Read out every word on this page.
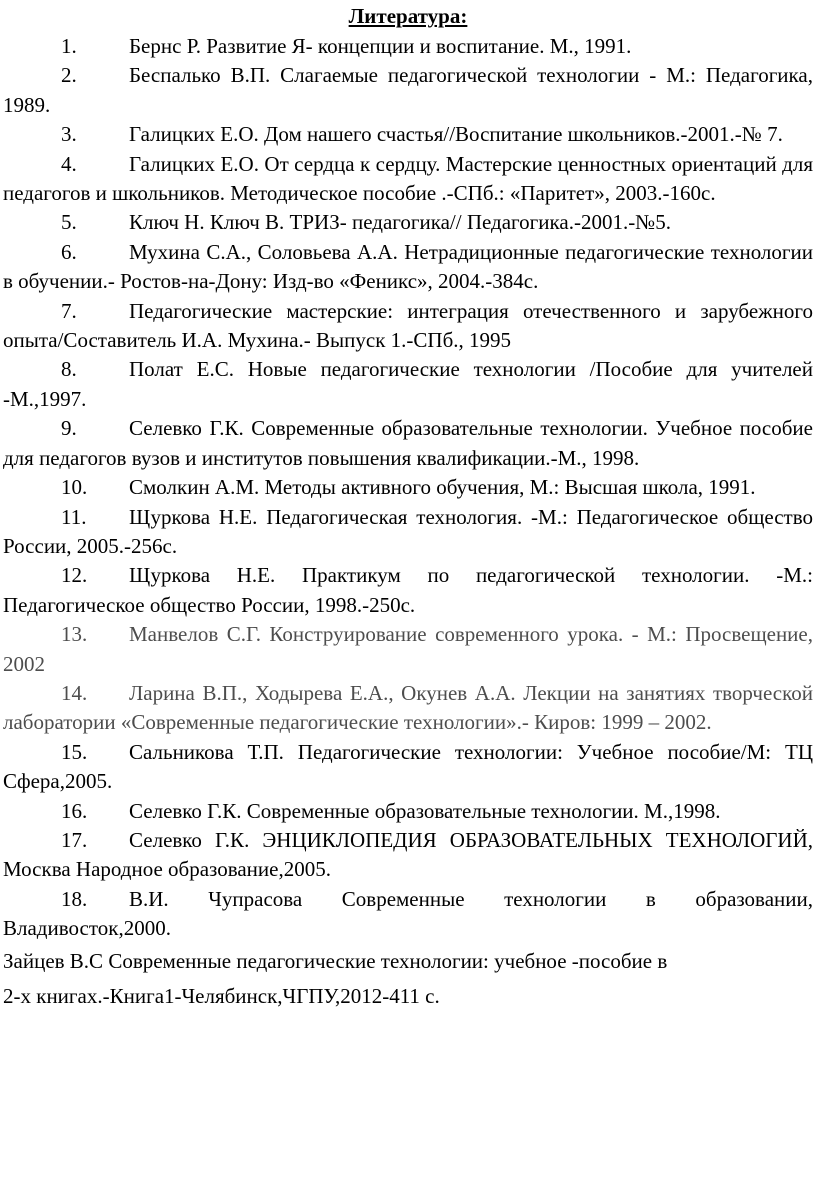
Литература:

1. Бернс Р. Развитие Я- концепции и воспитание. М., 1991.

2. Беспалько В.П. Слагаемые педагогической технологии - М.: Педагогика, 1989.

3. Галицких Е.О. Дом нашего счастья//Воспитание школьников.-2001.-№ 7.

4. Галицких Е.О. От сердца к сердцу. Мастерские ценностных ориентаций для педагогов и школьников. Методическое пособие .-СПб.: «Паритет», 2003.-160с.

5. Ключ Н. Ключ В. ТРИЗ- педагогика// Педагогика.-2001.-№5.

6. Мухина С.А., Соловьева А.А. Нетрадиционные педагогические технологии в обучении.- Ростов-на-Дону: Изд-во «Феникс», 2004.-384с.

7. Педагогические мастерские: интеграция отечественного и зарубежного опыта/Составитель И.А. Мухина.- Выпуск 1.-СПб., 1995

8. Полат Е.С. Новые педагогические технологии /Пособие для учителей -М.,1997.

9. Селевко Г.К. Современные образовательные технологии. Учебное пособие для педагогов вузов и институтов повышения квалификации.-М., 1998.

10. Смолкин А.М. Методы активного обучения, М.: Высшая школа, 1991.

11. Щуркова Н.Е. Педагогическая технология. -М.: Педагогическое общество России, 2005.-256с.

12. Щуркова Н.Е. Практикум по педагогической технологии. -М.: Педагогическое общество России, 1998.-250с.

13. Манвелов С.Г. Конструирование современного урока. - М.: Просвещение, 2002

14. Ларина В.П., Ходырева Е.А., Окунев А.А. Лекции на занятиях творческой лаборатории «Современные педагогические технологии».- Киров: 1999 – 2002.

15. Сальникова Т.П. Педагогические технологии: Учебное пособие/М: ТЦ Сфера,2005.

16. Селевко Г.К. Современные образовательные технологии. М.,1998.

17. Селевко Г.К. ЭНЦИКЛОПЕДИЯ ОБРАЗОВАТЕЛЬНЫХ ТЕХНОЛОГИЙ, Москва Народное образование,2005.

18. В.И. Чупрасова Современные технологии в образовании, Владивосток,2000.

Зайцев В.С Современные педагогические технологии: учебное -пособие в
2-х книгах.-Книга1-Челябинск,ЧГПУ,2012-411 с.
